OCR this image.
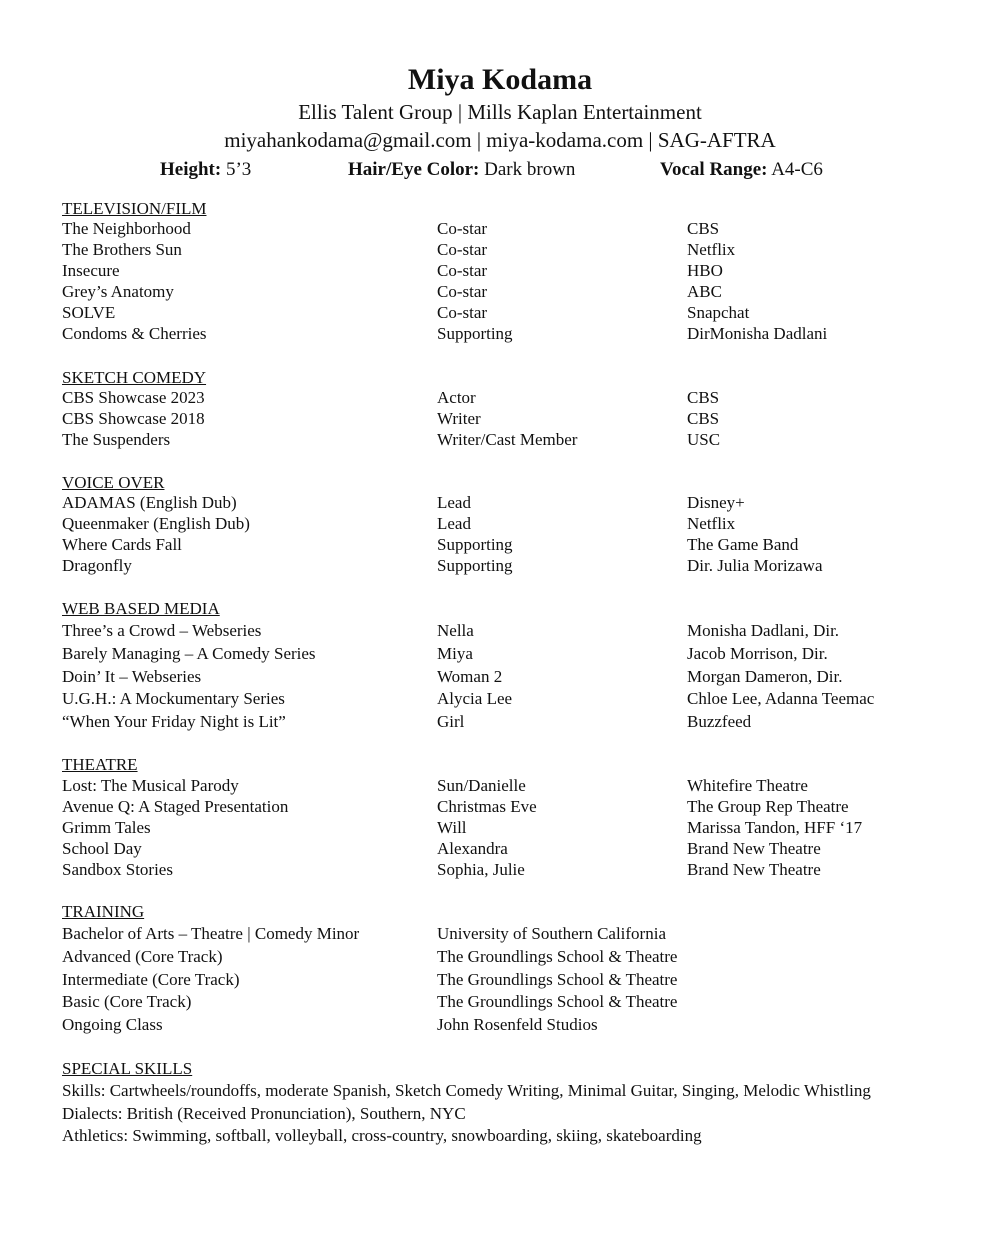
Miya Kodama
Ellis Talent Group | Mills Kaplan Entertainment
miyahankodama@gmail.com | miya-kodama.com | SAG-AFTRA
Height: 5’3	Hair/Eye Color: Dark brown	Vocal Range: A4-C6
TELEVISION/FILM
The Neighborhood	Co-star	CBS
The Brothers Sun	Co-star	Netflix
Insecure	Co-star	HBO
Grey’s Anatomy	Co-star	ABC
SOLVE	Co-star	Snapchat
Condoms & Cherries	Supporting	DirMonisha Dadlani
SKETCH COMEDY
CBS Showcase 2023	Actor	CBS
CBS Showcase 2018	Writer	CBS
The Suspenders	Writer/Cast Member	USC
VOICE OVER
ADAMAS (English Dub)	Lead	Disney+
Queenmaker (English Dub)	Lead	Netflix
Where Cards Fall	Supporting	The Game Band
Dragonfly	Supporting	Dir. Julia Morizawa
WEB BASED MEDIA
Three’s a Crowd – Webseries	Nella	Monisha Dadlani, Dir.
Barely Managing – A Comedy Series	Miya	Jacob Morrison, Dir.
Doin’ It – Webseries	Woman 2	Morgan Dameron, Dir.
U.G.H.: A Mockumentary Series	Alycia Lee	Chloe Lee, Adanna Teemac
“When Your Friday Night is Lit”	Girl	Buzzfeed
THEATRE
Lost: The Musical Parody	Sun/Danielle	Whitefire Theatre
Avenue Q: A Staged Presentation	Christmas Eve	The Group Rep Theatre
Grimm Tales	Will	Marissa Tandon, HFF ‘17
School Day	Alexandra	Brand New Theatre
Sandbox Stories	Sophia, Julie	Brand New Theatre
TRAINING
Bachelor of Arts – Theatre | Comedy Minor	University of Southern California
Advanced (Core Track)	The Groundlings School & Theatre
Intermediate (Core Track)	The Groundlings School & Theatre
Basic (Core Track)	The Groundlings School & Theatre
Ongoing Class	John Rosenfeld Studios
SPECIAL SKILLS
Skills: Cartwheels/roundoffs, moderate Spanish, Sketch Comedy Writing, Minimal Guitar, Singing, Melodic Whistling
Dialects: British (Received Pronunciation), Southern, NYC
Athletics: Swimming, softball, volleyball, cross-country, snowboarding, skiing, skateboarding
